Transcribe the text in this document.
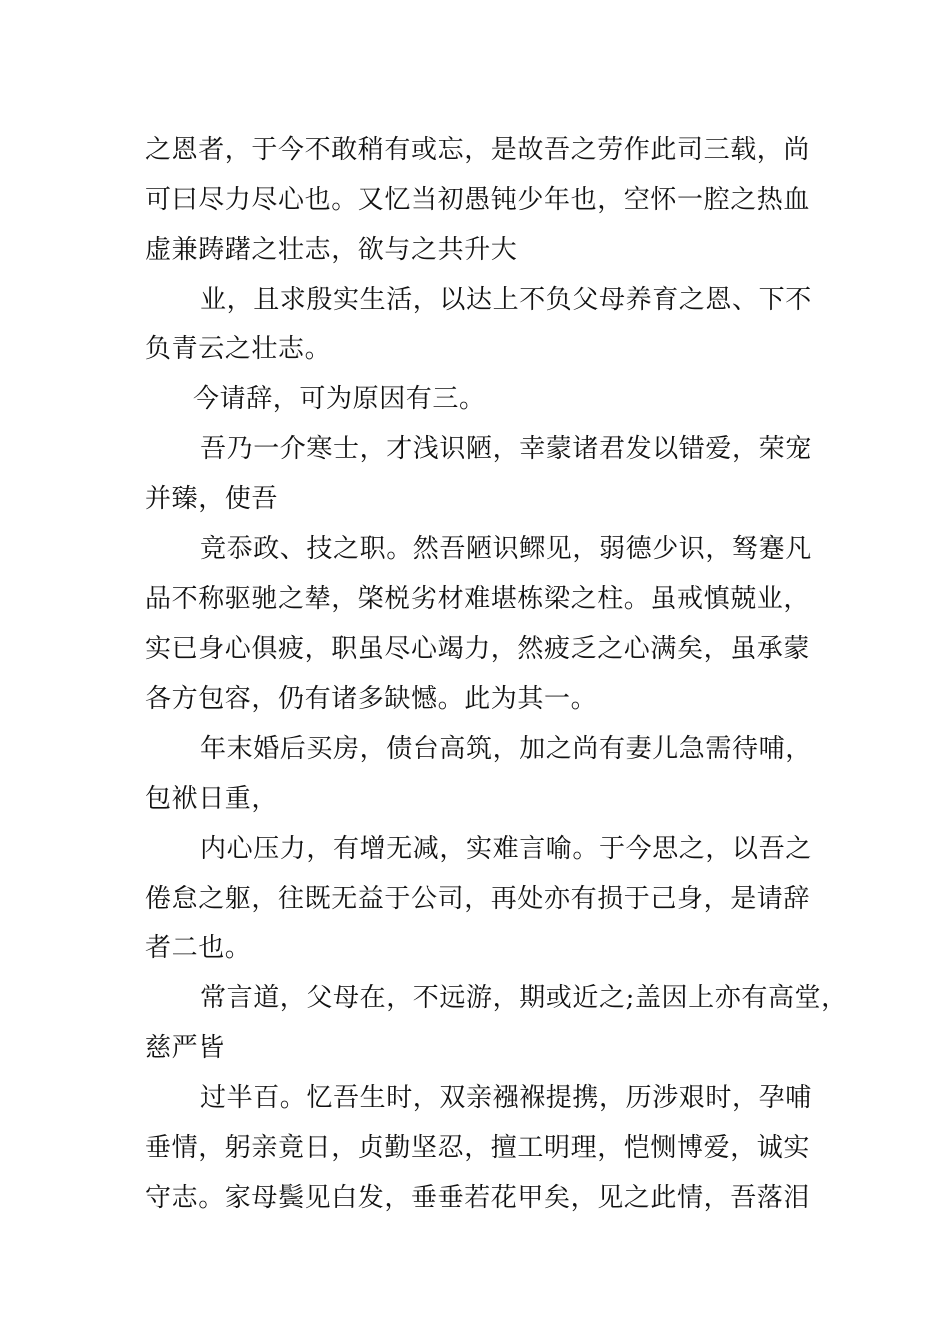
之恩者，于今不敢稍有或忘，是故吾之劳作此司三载，尚
可曰尽力尽心也。又忆当初愚钝少年也，空怀一腔之热血
虚兼踌躇之壮志，欲与之共升大
业，且求殷实生活，以达上不负父母养育之恩、下不
负青云之壮志。
今请辞，可为原因有三。
吾乃一介寒士，才浅识陋，幸蒙诸君发以错爱，荣宠
并臻，使吾
竞忝政、技之职。然吾陋识鳏见，弱德少识，驽蹇凡
品不称驱驰之辇，棨棁劣材难堪栋梁之柱。虽戒慎兢业，
实已身心俱疲，职虽尽心竭力，然疲乏之心满矣，虽承蒙
各方包容，仍有诸多缺憾。此为其一。
年末婚后买房，债台高筑，加之尚有妻儿急需待哺，
包袱日重，
内心压力，有增无减，实难言喻。于今思之，以吾之
倦怠之躯，往既无益于公司，再处亦有损于己身，是请辞
者二也。
常言道，父母在，不远游，期或近之;盖因上亦有高堂，
慈严皆
过半百。忆吾生时，双亲襁褓提携，历涉艰时，孕哺
垂情，躬亲竟日，贞勤坚忍，擅工明理，恺恻博爱，诚实
守志。家母鬓见白发，垂垂若花甲矣，见之此情，吾落泪
